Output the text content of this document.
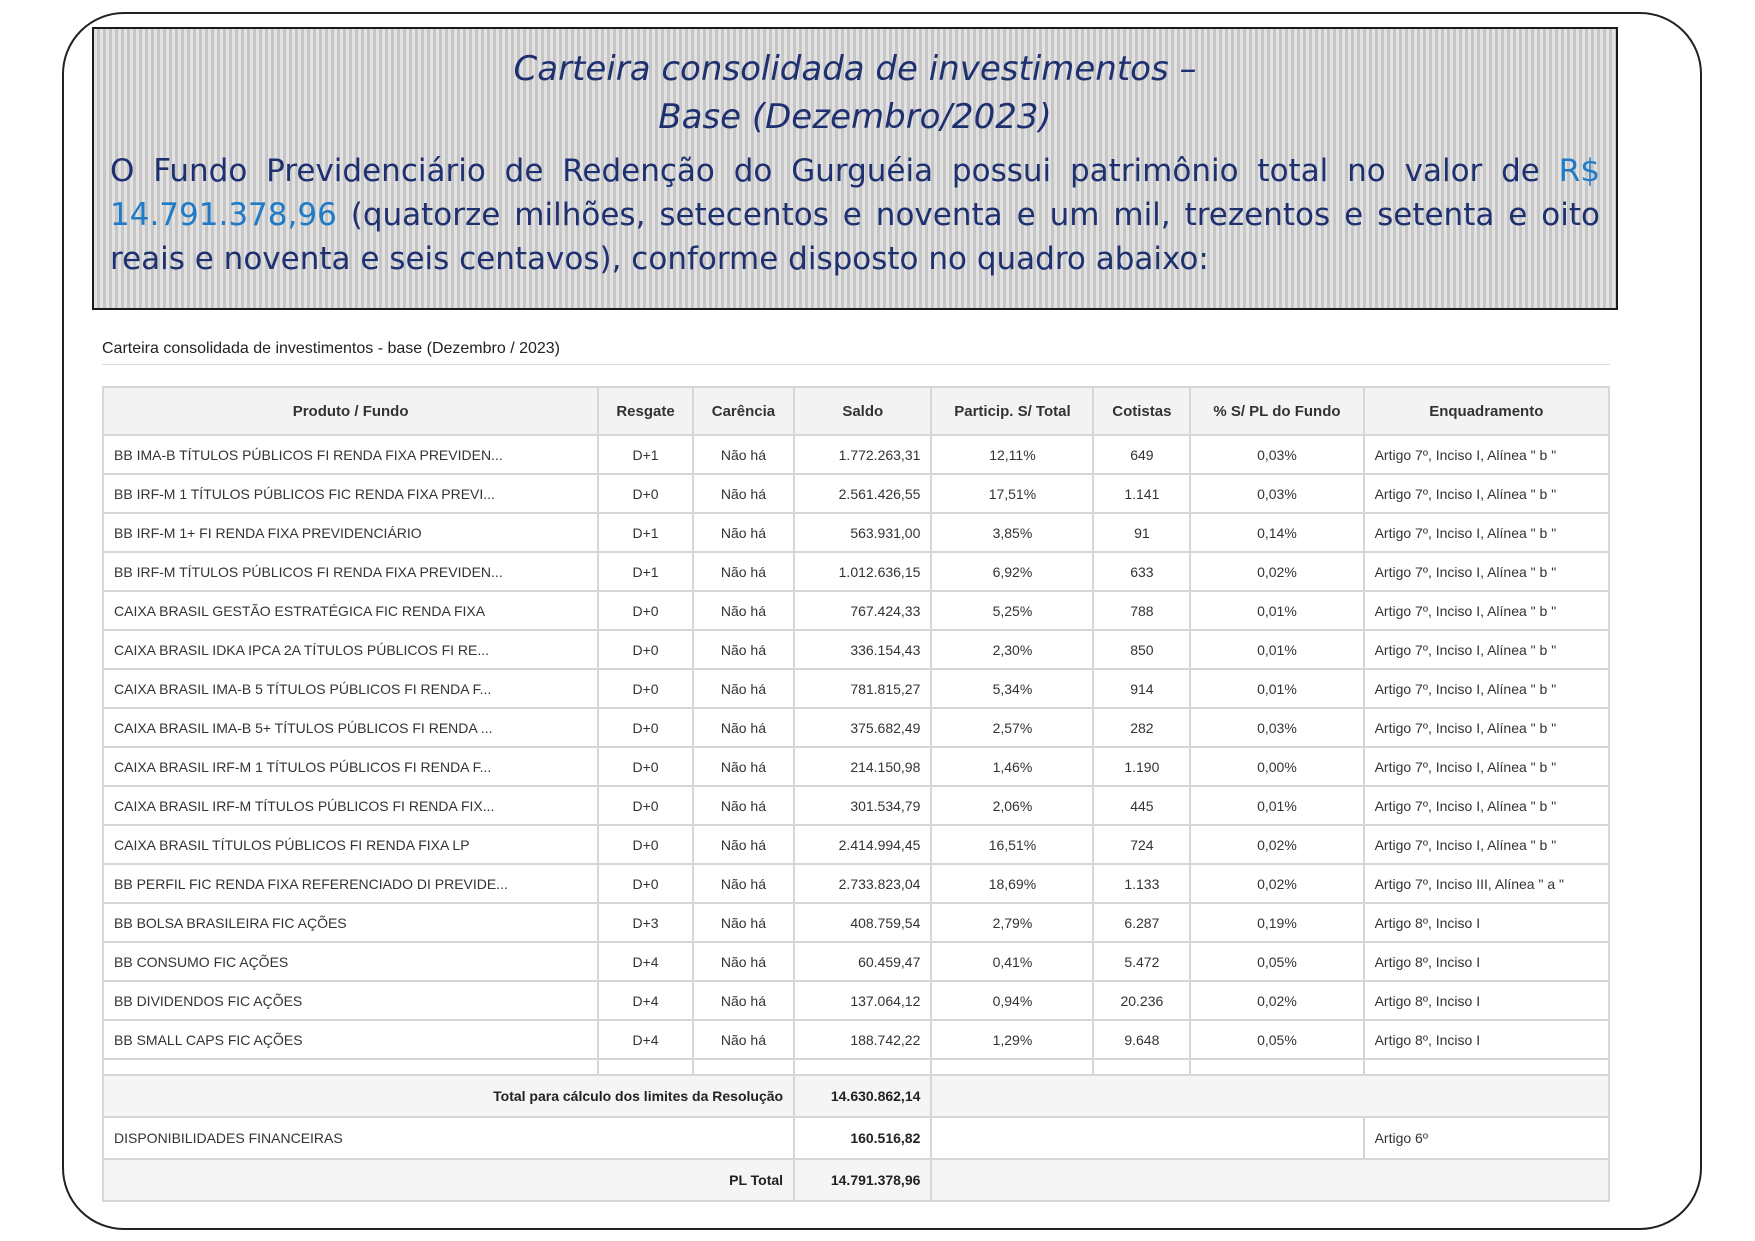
Carteira consolidada de investimentos –
Base (Dezembro/2023)
O Fundo Previdenciário de Redenção do Gurguéia possui patrimônio total no valor de R$ 14.791.378,96 (quatorze milhões, setecentos e noventa e um mil, trezentos e setenta e oito reais e noventa e seis centavos), conforme disposto no quadro abaixo:
Carteira consolidada de investimentos - base (Dezembro / 2023)
Produto / Fundo	Resgate	Carência	Saldo	Particip. S/ Total	Cotistas	% S/ PL do Fundo	Enquadramento
BB IMA-B TÍTULOS PÚBLICOS FI RENDA FIXA PREVIDEN...	D+1	Não há	1.772.263,31	12,11%	649	0,03%	Artigo 7º, Inciso I, Alínea " b "
BB IRF-M 1 TÍTULOS PÚBLICOS FIC RENDA FIXA PREVI...	D+0	Não há	2.561.426,55	17,51%	1.141	0,03%	Artigo 7º, Inciso I, Alínea " b "
BB IRF-M 1+ FI RENDA FIXA PREVIDENCIÁRIO	D+1	Não há	563.931,00	3,85%	91	0,14%	Artigo 7º, Inciso I, Alínea " b "
BB IRF-M TÍTULOS PÚBLICOS FI RENDA FIXA PREVIDEN...	D+1	Não há	1.012.636,15	6,92%	633	0,02%	Artigo 7º, Inciso I, Alínea " b "
CAIXA BRASIL GESTÃO ESTRATÉGICA FIC RENDA FIXA	D+0	Não há	767.424,33	5,25%	788	0,01%	Artigo 7º, Inciso I, Alínea " b "
CAIXA BRASIL IDKA IPCA 2A TÍTULOS PÚBLICOS FI RE...	D+0	Não há	336.154,43	2,30%	850	0,01%	Artigo 7º, Inciso I, Alínea " b "
CAIXA BRASIL IMA-B 5 TÍTULOS PÚBLICOS FI RENDA F...	D+0	Não há	781.815,27	5,34%	914	0,01%	Artigo 7º, Inciso I, Alínea " b "
CAIXA BRASIL IMA-B 5+ TÍTULOS PÚBLICOS FI RENDA ...	D+0	Não há	375.682,49	2,57%	282	0,03%	Artigo 7º, Inciso I, Alínea " b "
CAIXA BRASIL IRF-M 1 TÍTULOS PÚBLICOS FI RENDA F...	D+0	Não há	214.150,98	1,46%	1.190	0,00%	Artigo 7º, Inciso I, Alínea " b "
CAIXA BRASIL IRF-M TÍTULOS PÚBLICOS FI RENDA FIX...	D+0	Não há	301.534,79	2,06%	445	0,01%	Artigo 7º, Inciso I, Alínea " b "
CAIXA BRASIL TÍTULOS PÚBLICOS FI RENDA FIXA LP	D+0	Não há	2.414.994,45	16,51%	724	0,02%	Artigo 7º, Inciso I, Alínea " b "
BB PERFIL FIC RENDA FIXA REFERENCIADO DI PREVIDE...	D+0	Não há	2.733.823,04	18,69%	1.133	0,02%	Artigo 7º, Inciso III, Alínea " a "
BB BOLSA BRASILEIRA FIC AÇÕES	D+3	Não há	408.759,54	2,79%	6.287	0,19%	Artigo 8º, Inciso I
BB CONSUMO FIC AÇÕES	D+4	Não há	60.459,47	0,41%	5.472	0,05%	Artigo 8º, Inciso I
BB DIVIDENDOS FIC AÇÕES	D+4	Não há	137.064,12	0,94%	20.236	0,02%	Artigo 8º, Inciso I
BB SMALL CAPS FIC AÇÕES	D+4	Não há	188.742,22	1,29%	9.648	0,05%	Artigo 8º, Inciso I

Total para cálculo dos limites da Resolução			14.630.862,14				
DISPONIBILIDADES FINANCEIRAS			160.516,82				Artigo 6º
PL Total			14.791.378,96				
